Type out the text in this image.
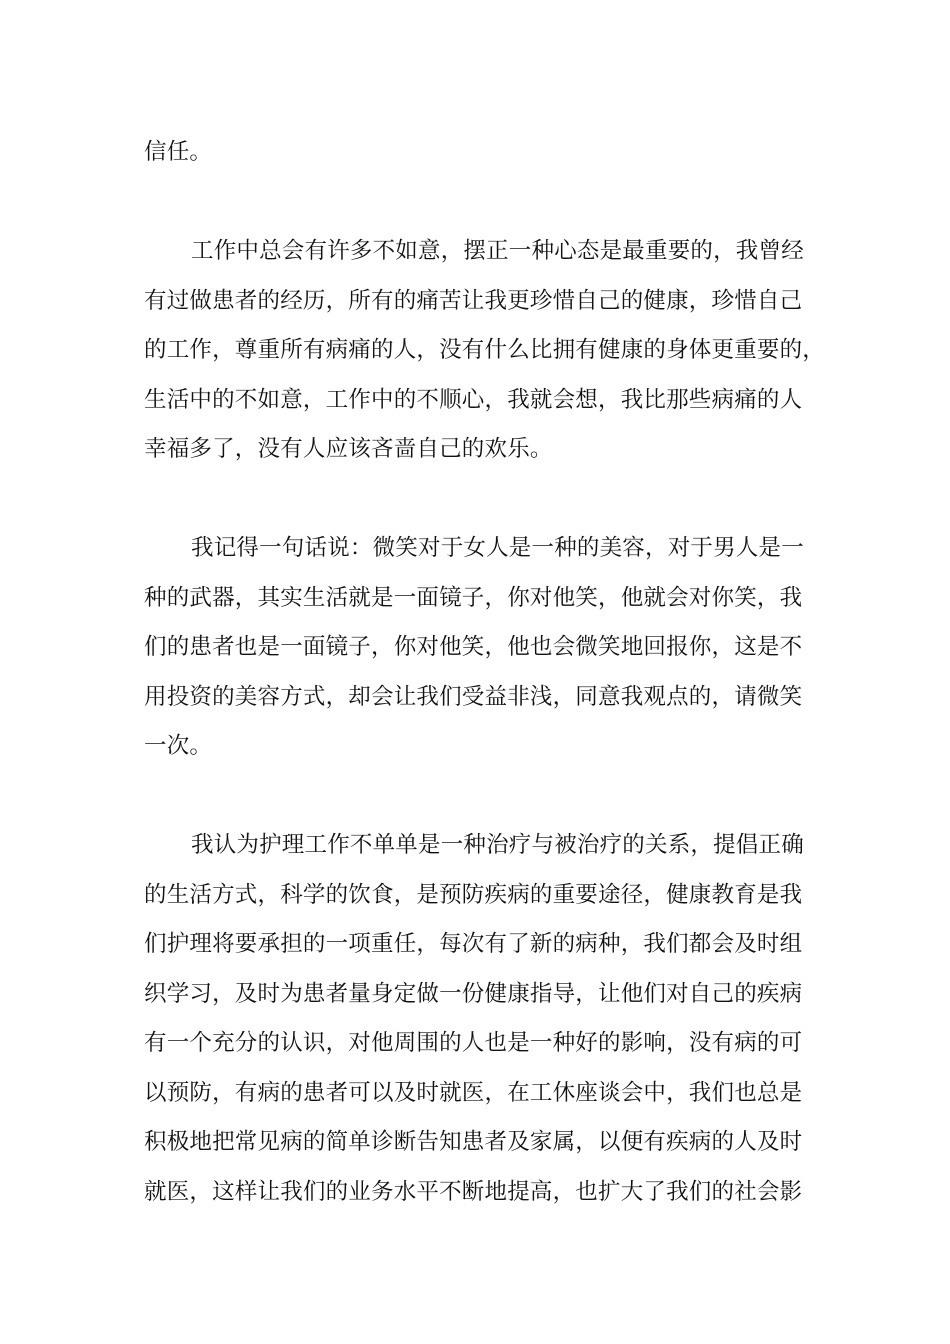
信任。
工作中总会有许多不如意，摆正一种心态是最重要的，我曾经
有过做患者的经历，所有的痛苦让我更珍惜自己的健康，珍惜自己
的工作，尊重所有病痛的人，没有什么比拥有健康的身体更重要的，
生活中的不如意，工作中的不顺心，我就会想，我比那些病痛的人
幸福多了，没有人应该吝啬自己的欢乐。
我记得一句话说：微笑对于女人是一种的美容，对于男人是一
种的武器，其实生活就是一面镜子，你对他笑，他就会对你笑，我
们的患者也是一面镜子，你对他笑，他也会微笑地回报你，这是不
用投资的美容方式，却会让我们受益非浅，同意我观点的，请微笑
一次。
我认为护理工作不单单是一种治疗与被治疗的关系，提倡正确
的生活方式，科学的饮食，是预防疾病的重要途径，健康教育是我
们护理将要承担的一项重任，每次有了新的病种，我们都会及时组
织学习，及时为患者量身定做一份健康指导，让他们对自己的疾病
有一个充分的认识，对他周围的人也是一种好的影响，没有病的可
以预防，有病的患者可以及时就医，在工休座谈会中，我们也总是
积极地把常见病的简单诊断告知患者及家属，以便有疾病的人及时
就医，这样让我们的业务水平不断地提高，也扩大了我们的社会影
